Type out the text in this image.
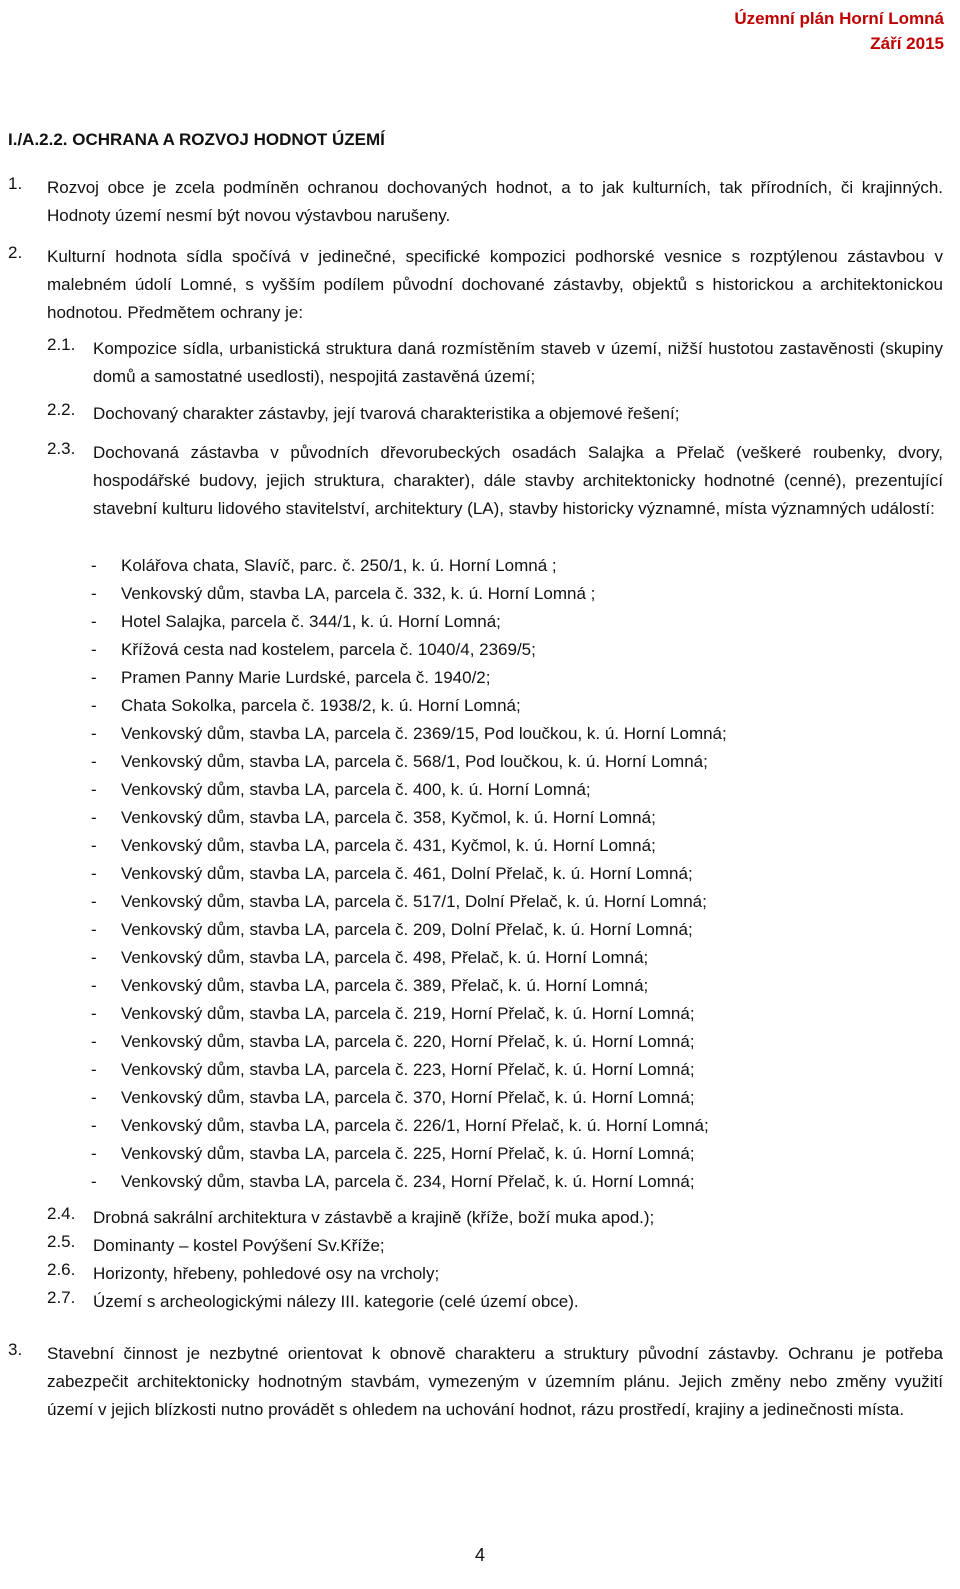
Územní plán Horní Lomná
Září 2015
I./A.2.2. OCHRANA A ROZVOJ HODNOT ÚZEMÍ
1. Rozvoj obce je zcela podmíněn ochranou dochovaných hodnot, a to jak kulturních, tak přírodních, či krajinných. Hodnoty území nesmí být novou výstavbou narušeny.

2. Kulturní hodnota sídla spočívá v jedinečné, specifické kompozici podhorské vesnice s rozptýlenou zástavbou v malebném údolí Lomné, s vyšším podílem původní dochované zástavby, objektů s historickou a architektonickou hodnotou. Předmětem ochrany je:

2.1. Kompozice sídla, urbanistická struktura daná rozmístěním staveb v území, nižší hustotou zastavěnosti (skupiny domů a samostatné usedlosti), nespojitá zastavěná území;
2.2. Dochovaný charakter zástavby, její tvarová charakteristika a objemové řešení;
2.3. Dochovaná zástavba v původních dřevorubeckých osadách Salajka a Přelač (veškeré roubenky, dvory, hospodářské budovy, jejich struktura, charakter), dále stavby architektonicky hodnotné (cenné), prezentující stavební kulturu lidového stavitelství, architektury (LA), stavby historicky významné, místa významných událostí:
- Kolářova chata, Slavíč, parc. č. 250/1, k. ú. Horní Lomná ;
- Venkovský dům, stavba LA, parcela č. 332, k. ú. Horní Lomná ;
- Hotel Salajka, parcela č. 344/1, k. ú. Horní Lomná;
- Křížová cesta nad kostelem, parcela č. 1040/4, 2369/5;
- Pramen Panny Marie Lurdské, parcela č. 1940/2;
- Chata Sokolka, parcela č. 1938/2, k. ú. Horní Lomná;
- Venkovský dům, stavba LA, parcela č. 2369/15, Pod loučkou, k. ú. Horní Lomná;
- Venkovský dům, stavba LA, parcela č. 568/1, Pod loučkou, k. ú. Horní Lomná;
- Venkovský dům, stavba LA, parcela č. 400, k. ú. Horní Lomná;
- Venkovský dům, stavba LA, parcela č. 358, Kyčmol, k. ú. Horní Lomná;
- Venkovský dům, stavba LA, parcela č. 431, Kyčmol, k. ú. Horní Lomná;
- Venkovský dům, stavba LA, parcela č. 461, Dolní Přelač, k. ú. Horní Lomná;
- Venkovský dům, stavba LA, parcela č. 517/1, Dolní Přelač, k. ú. Horní Lomná;
- Venkovský dům, stavba LA, parcela č. 209, Dolní Přelač, k. ú. Horní Lomná;
- Venkovský dům, stavba LA, parcela č. 498, Přelač, k. ú. Horní Lomná;
- Venkovský dům, stavba LA, parcela č. 389, Přelač, k. ú. Horní Lomná;
- Venkovský dům, stavba LA, parcela č. 219, Horní Přelač, k. ú. Horní Lomná;
- Venkovský dům, stavba LA, parcela č. 220, Horní Přelač, k. ú. Horní Lomná;
- Venkovský dům, stavba LA, parcela č. 223, Horní Přelač, k. ú. Horní Lomná;
- Venkovský dům, stavba LA, parcela č. 370, Horní Přelač, k. ú. Horní Lomná;
- Venkovský dům, stavba LA, parcela č. 226/1, Horní Přelač, k. ú. Horní Lomná;
- Venkovský dům, stavba LA, parcela č. 225, Horní Přelač, k. ú. Horní Lomná;
- Venkovský dům, stavba LA, parcela č. 234, Horní Přelač, k. ú. Horní Lomná;
2.4. Drobná sakrální architektura v zástavbě a krajině (kříže, boží muka apod.);
2.5. Dominanty – kostel Povýšení Sv.Kříže;
2.6. Horizonty, hřebeny, pohledové osy na vrcholy;
2.7. Území s archeologickými nálezy III. kategorie (celé území obce).
3. Stavební činnost je nezbytné orientovat k obnově charakteru a struktury původní zástavby. Ochranu je potřeba zabezpečit architektonicky hodnotným stavbám, vymezeným v územním plánu. Jejich změny nebo změny využití území v jejich blízkosti nutno provádět s ohledem na uchování hodnot, rázu prostředí, krajiny a jedinečnosti místa.

4
